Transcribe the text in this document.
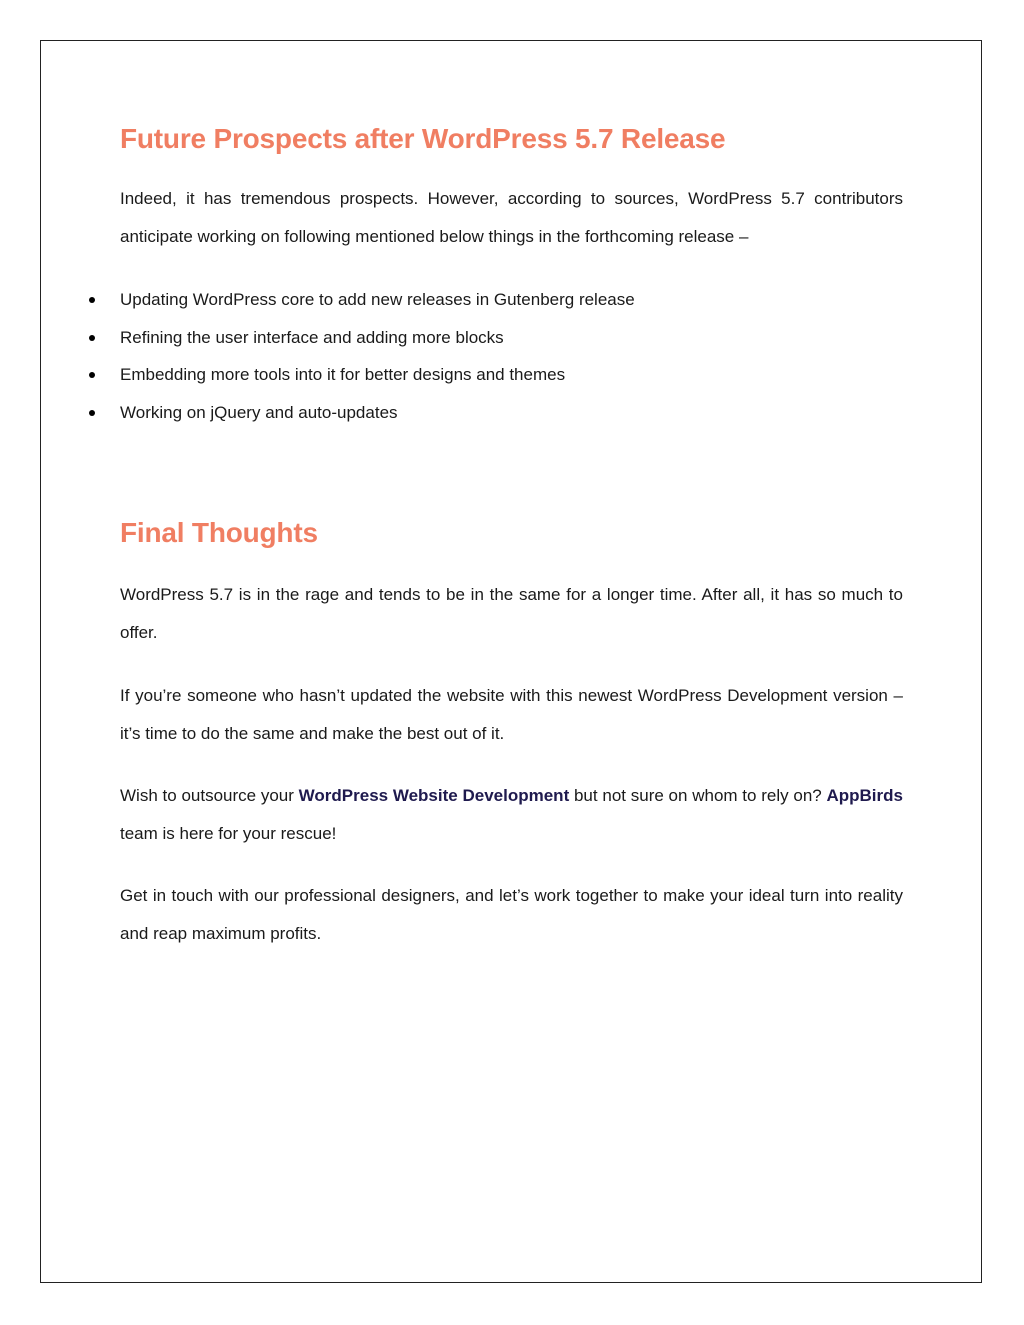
Future Prospects after WordPress 5.7 Release

Indeed, it has tremendous prospects. However, according to sources, WordPress 5.7 contributors anticipate working on following mentioned below things in the forthcoming release –

Updating WordPress core to add new releases in Gutenberg release
Refining the user interface and adding more blocks
Embedding more tools into it for better designs and themes
Working on jQuery and auto-updates
Final Thoughts

WordPress 5.7 is in the rage and tends to be in the same for a longer time. After all, it has so much to offer.

If you’re someone who hasn’t updated the website with this newest WordPress Development version – it’s time to do the same and make the best out of it.

Wish to outsource your WordPress Website Development but not sure on whom to rely on? AppBirds team is here for your rescue!

Get in touch with our professional designers, and let’s work together to make your ideal turn into reality and reap maximum profits.
